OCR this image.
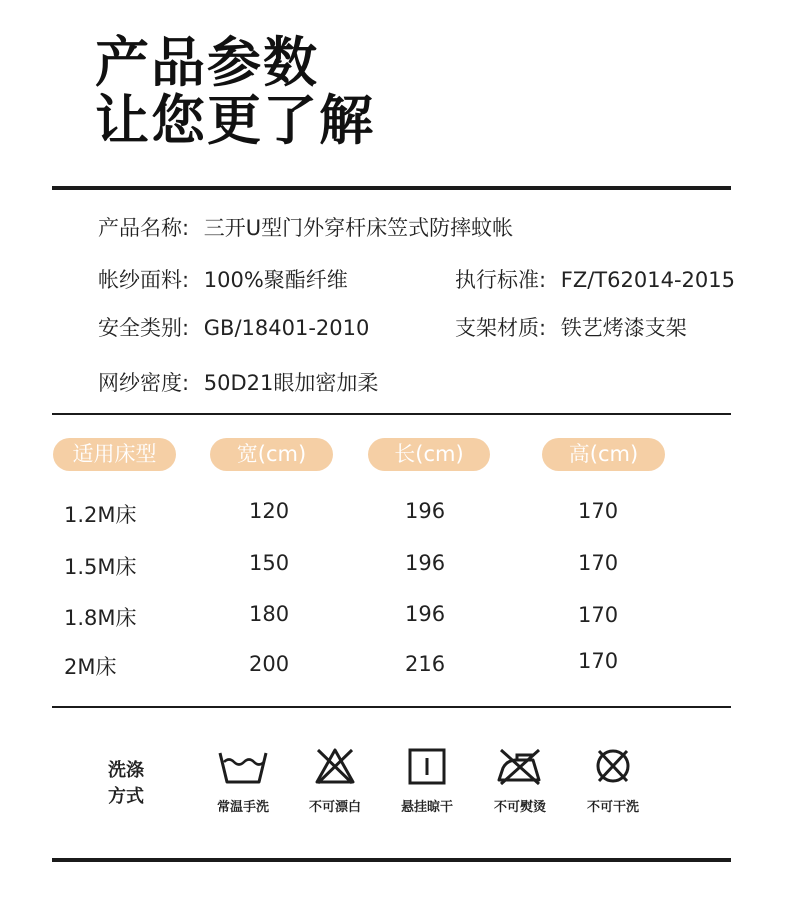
产品参数
让您更了解
产品名称: 三开U型门外穿杆床笠式防摔蚊帐
帐纱面料: 100%聚酯纤维	执行标准: FZ/T62014-2015
安全类别: GB/18401-2010	支架材质: 铁艺烤漆支架
网纱密度: 50D21眼加密加柔
适用床型	宽(cm)	长(cm)	高(cm)
1.2M床	120	196	170
1.5M床	150	196	170
1.8M床	180	196	170
2M床	200	216	170
洗涤
方式
常温手洗	不可漂白	悬挂晾干	不可熨烫	不可干洗
